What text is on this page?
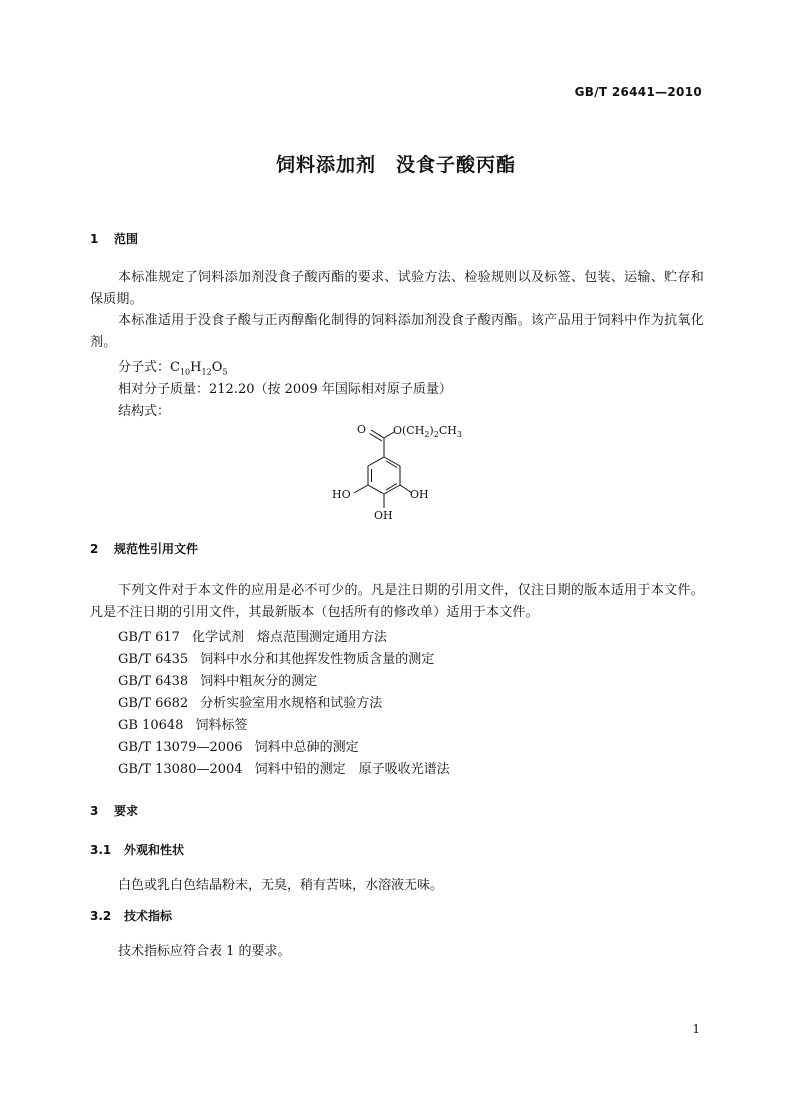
GB/T 26441—2010
饲料添加剂　没食子酸丙酯
1 范围
本标准规定了饲料添加剂没食子酸丙酯的要求、试验方法、检验规则以及标签、包装、运输、贮存和保质期。
本标准适用于没食子酸与正丙醇酯化制得的饲料添加剂没食子酸丙酯。该产品用于饲料中作为抗氧化剂。
分子式：$C_{10}H_{12}O_5$
相对分子质量：212.20（按 2009 年国际相对原子质量）
结构式：
O $O(CH_2)_2CH_3$
HO	OH
OH
2 规范性引用文件
下列文件对于本文件的应用是必不可少的。凡是注日期的引用文件，仅注日期的版本适用于本文件。凡是不注日期的引用文件，其最新版本（包括所有的修改单）适用于本文件。
GB/T 617 化学试剂　熔点范围测定通用方法
GB/T 6435 饲料中水分和其他挥发性物质含量的测定
GB/T 6438 饲料中粗灰分的测定
GB/T 6682 分析实验室用水规格和试验方法
GB 10648 饲料标签
GB/T 13079—2006 饲料中总砷的测定
GB/T 13080—2004 饲料中铅的测定　原子吸收光谱法
3 要求
3.1 外观和性状
白色或乳白色结晶粉末，无臭，稍有苦味，水溶液无味。
3.2 技术指标
技术指标应符合表 1 的要求。
1
